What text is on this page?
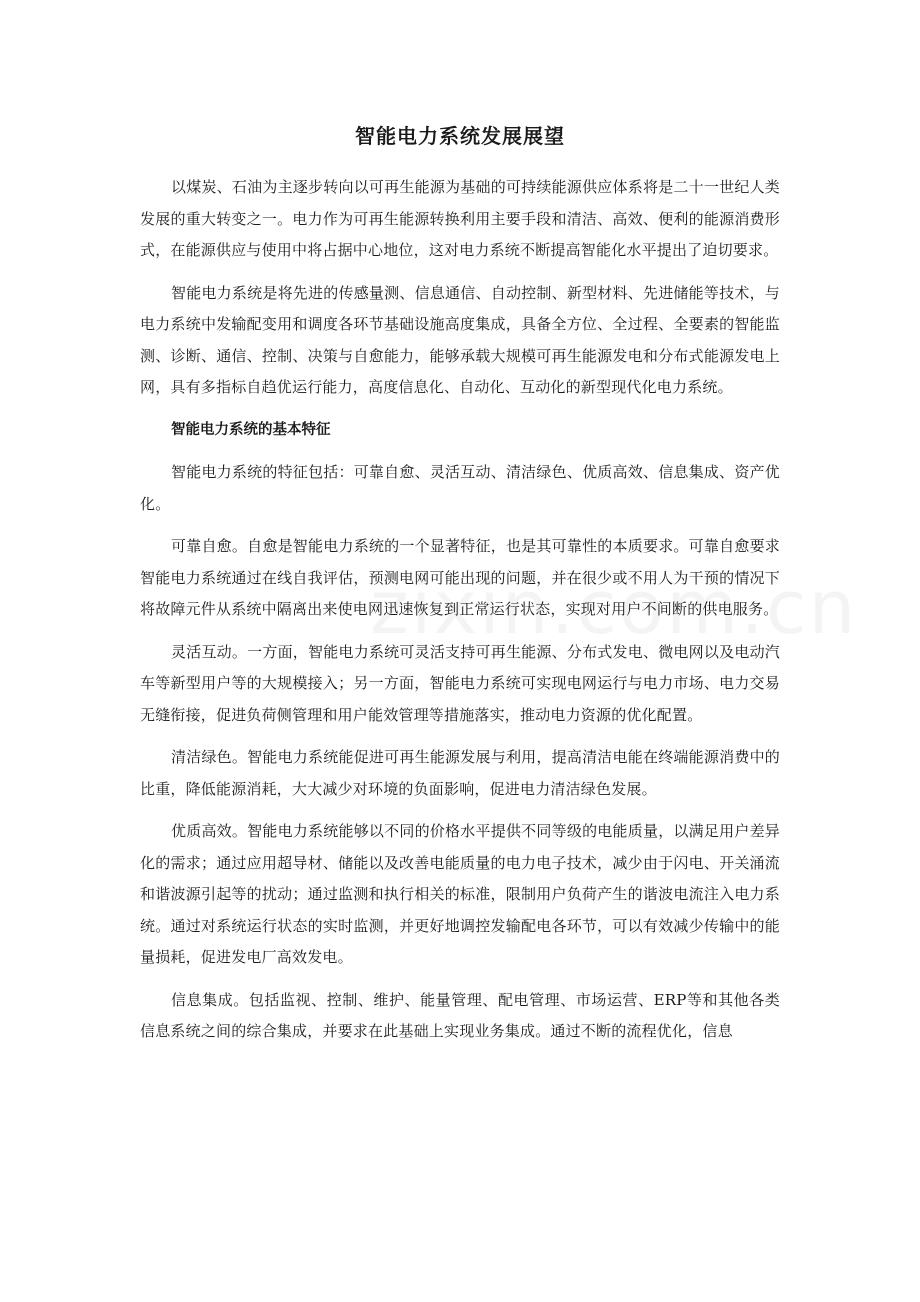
智能电力系统发展展望

以煤炭、石油为主逐步转向以可再生能源为基础的可持续能源供应体系将是二十一世纪人类发展的重大转变之一。电力作为可再生能源转换利用主要手段和清洁、高效、便利的能源消费形式，在能源供应与使用中将占据中心地位，这对电力系统不断提高智能化水平提出了迫切要求。

智能电力系统是将先进的传感量测、信息通信、自动控制、新型材料、先进储能等技术，与电力系统中发输配变用和调度各环节基础设施高度集成，具备全方位、全过程、全要素的智能监测、诊断、通信、控制、决策与自愈能力，能够承载大规模可再生能源发电和分布式能源发电上网，具有多指标自趋优运行能力，高度信息化、自动化、互动化的新型现代化电力系统。

智能电力系统的基本特征

智能电力系统的特征包括：可靠自愈、灵活互动、清洁绿色、优质高效、信息集成、资产优化。

可靠自愈。自愈是智能电力系统的一个显著特征，也是其可靠性的本质要求。可靠自愈要求智能电力系统通过在线自我评估，预测电网可能出现的问题，并在很少或不用人为干预的情况下将故障元件从系统中隔离出来使电网迅速恢复到正常运行状态，实现对用户不间断的供电服务。

灵活互动。一方面，智能电力系统可灵活支持可再生能源、分布式发电、微电网以及电动汽车等新型用户等的大规模接入；另一方面，智能电力系统可实现电网运行与电力市场、电力交易无缝衔接，促进负荷侧管理和用户能效管理等措施落实，推动电力资源的优化配置。

清洁绿色。智能电力系统能促进可再生能源发展与利用，提高清洁电能在终端能源消费中的比重，降低能源消耗，大大减少对环境的负面影响，促进电力清洁绿色发展。

优质高效。智能电力系统能够以不同的价格水平提供不同等级的电能质量，以满足用户差异化的需求；通过应用超导材、储能以及改善电能质量的电力电子技术，减少由于闪电、开关涌流和谐波源引起等的扰动；通过监测和执行相关的标准，限制用户负荷产生的谐波电流注入电力系统。通过对系统运行状态的实时监测，并更好地调控发输配电各环节，可以有效减少传输中的能量损耗，促进发电厂高效发电。

信息集成。包括监视、控制、维护、能量管理、配电管理、市场运营、ERP等和其他各类信息系统之间的综合集成，并要求在此基础上实现业务集成。通过不断的流程优化，信息
